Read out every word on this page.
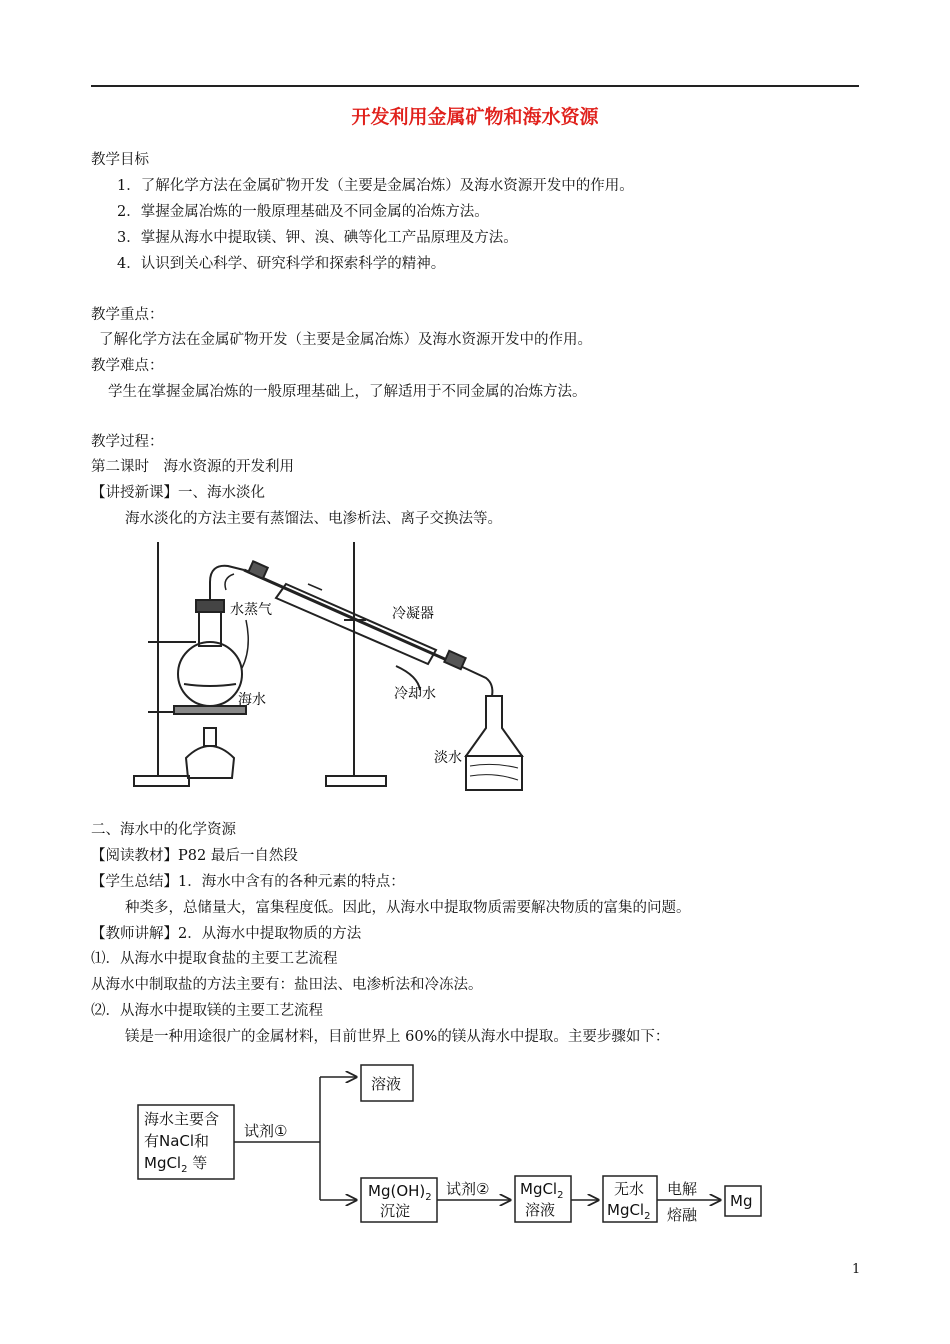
开发利用金属矿物和海水资源
教学目标
1．了解化学方法在金属矿物开发（主要是金属冶炼）及海水资源开发中的作用。
2．掌握金属冶炼的一般原理基础及不同金属的冶炼方法。
3．掌握从海水中提取镁、钾、溴、碘等化工产品原理及方法。
4．认识到关心科学、研究科学和探索科学的精神。
教学重点：
了解化学方法在金属矿物开发（主要是金属冶炼）及海水资源开发中的作用。
教学难点：
学生在掌握金属冶炼的一般原理基础上，了解适用于不同金属的冶炼方法。
教学过程：
第二课时　海水资源的开发利用
【讲授新课】一、海水淡化
海水淡化的方法主要有蒸馏法、电渗析法、离子交换法等。
水蒸气
海水
冷凝器
冷却水
淡水
二、海水中的化学资源
【阅读教材】P82 最后一自然段
【学生总结】1．海水中含有的各种元素的特点：
种类多，总储量大，富集程度低。因此，从海水中提取物质需要解决物质的富集的问题。
【教师讲解】2．从海水中提取物质的方法
⑴．从海水中提取食盐的主要工艺流程
从海水中制取盐的方法主要有：盐田法、电渗析法和冷冻法。
⑵．从海水中提取镁的主要工艺流程
镁是一种用途很广的金属材料，目前世界上 60%的镁从海水中提取。主要步骤如下：
海水主要含
有NaCl和
MgCl$_2$ 等
试剂①
溶液
$Mg(OH)_2$
沉淀
试剂② MgCl$_2$
溶液
无水
MgCl$_2$
电解
熔融
Mg
1
